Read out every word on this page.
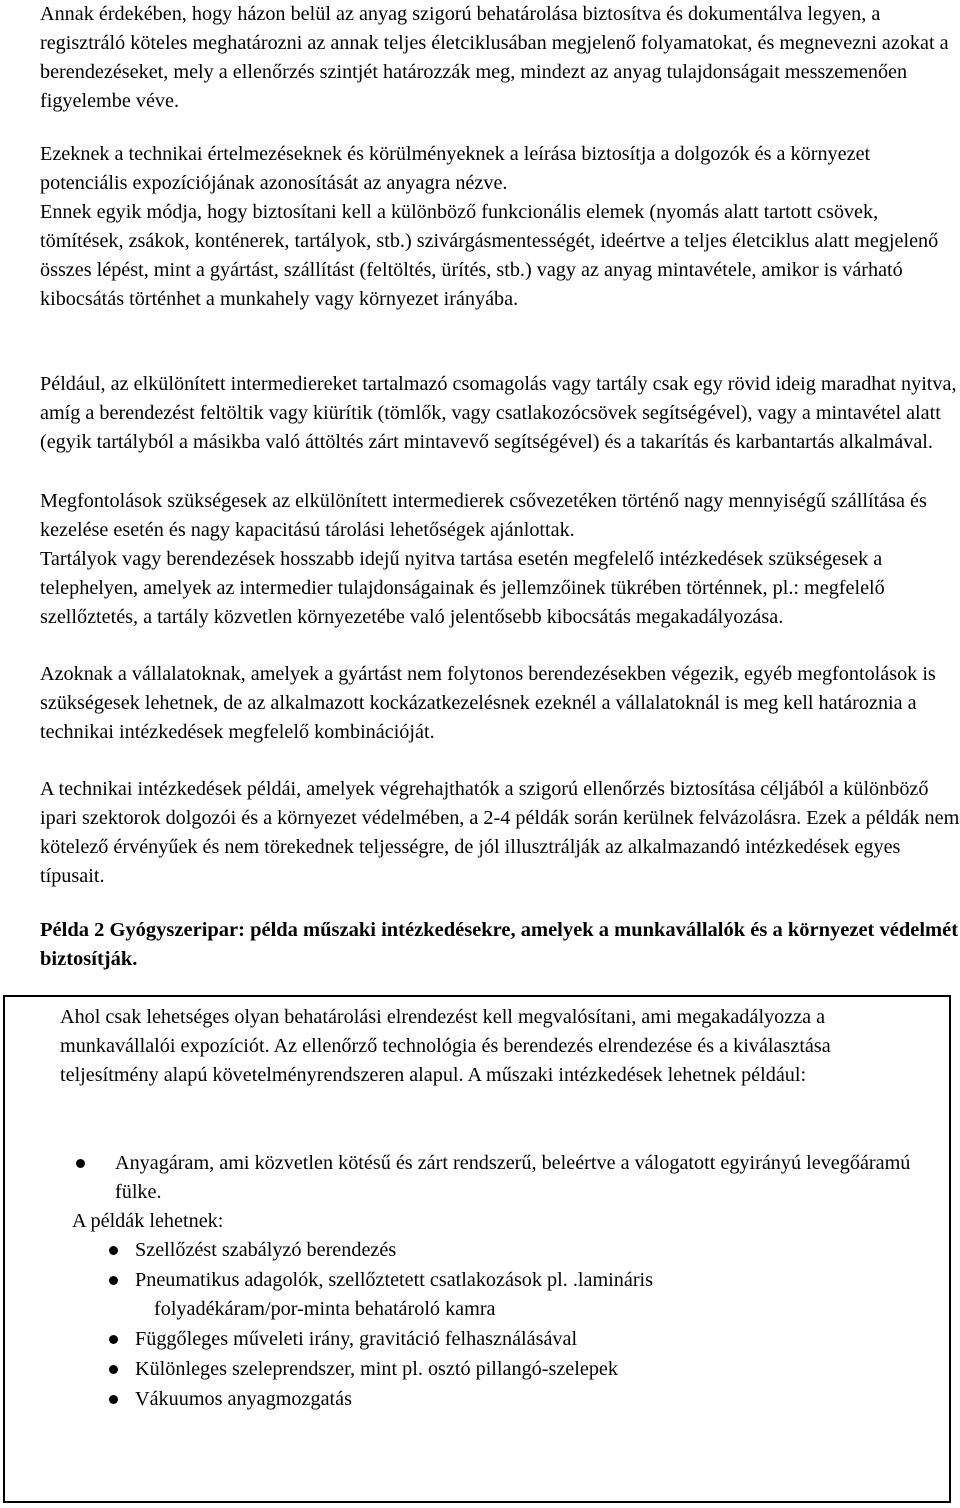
Annak érdekében, hogy házon belül az anyag szigorú behatárolása biztosítva és dokumentálva legyen, a regisztráló köteles meghatározni az annak teljes életciklusában megjelenő folyamatokat, és megnevezni azokat a berendezéseket, mely a ellenőrzés szintjét határozzák meg, mindezt az anyag tulajdonságait messzemenően figyelembe véve.

Ezeknek a technikai értelmezéseknek és körülményeknek a leírása biztosítja a dolgozók és a környezet potenciális expozíciójának azonosítását az anyagra nézve.

Ennek egyik módja, hogy biztosítani kell a különböző funkcionális elemek (nyomás alatt tartott csövek, tömítések, zsákok, konténerek, tartályok, stb.) szivárgásmentességét, ideértve a teljes életciklus alatt megjelenő összes lépést, mint a gyártást, szállítást (feltöltés, ürítés, stb.) vagy az anyag mintavétele, amikor is várható kibocsátás történhet a munkahely vagy környezet irányába.

Például, az elkülönített intermediereket tartalmazó csomagolás vagy tartály csak egy rövid ideig maradhat nyitva, amíg a berendezést feltöltik vagy kiürítik (tömlők, vagy csatlakozócsövek segítségével), vagy a mintavétel alatt (egyik tartályból a másikba való áttöltés zárt mintavevő segítségével) és a takarítás és karbantartás alkalmával.

Megfontolások szükségesek az elkülönített intermedierek csővezetéken történő nagy mennyiségű szállítása és kezelése esetén és nagy kapacitású tárolási lehetőségek ajánlottak.

Tartályok vagy berendezések hosszabb idejű nyitva tartása esetén megfelelő intézkedések szükségesek a telephelyen, amelyek az intermedier tulajdonságainak és jellemzőinek tükrében történnek, pl.: megfelelő szellőztetés, a tartály közvetlen környezetébe való jelentősebb kibocsátás megakadályozása.

Azoknak a vállalatoknak, amelyek a gyártást nem folytonos berendezésekben végezik, egyéb megfontolások is szükségesek lehetnek, de az alkalmazott kockázatkezelésnek ezeknél a vállalatoknál is meg kell határoznia a technikai intézkedések megfelelő kombinációját.

A technikai intézkedések példái, amelyek végrehajthatók a szigorú ellenőrzés biztosítása céljából a különböző ipari szektorok dolgozói és a környezet védelmében, a 2-4 példák során kerülnek felvázolásra. Ezek a példák nem kötelező érvényűek és nem törekednek teljességre, de jól illusztrálják az alkalmazandó intézkedések egyes típusait.

Példa 2 Gyógyszeripar: példa műszaki intézkedésekre, amelyek a munkavállalók és a környezet védelmét biztosítják.

Ahol csak lehetséges olyan behatárolási elrendezést kell megvalósítani, ami megakadályozza a munkavállalói expozíciót. Az ellenőrző technológia és berendezés elrendezése és a kiválasztása teljesítmény alapú követelményrendszeren alapul. A műszaki intézkedések lehetnek például:

Anyagáram, ami közvetlen kötésű és zárt rendszerű, beleértve a válogatott egyirányú levegőáramú fülke.

A példák lehetnek:

Szellőzést szabályzó berendezés
Pneumatikus adagolók, szellőztetett csatlakozások pl. .lamináris
folyadékáram/por-minta behatároló kamra
Függőleges műveleti irány, gravitáció felhasználásával
Különleges szeleprendszer, mint pl. osztó pillangó-szelepek
Vákuumos anyagmozgatás
